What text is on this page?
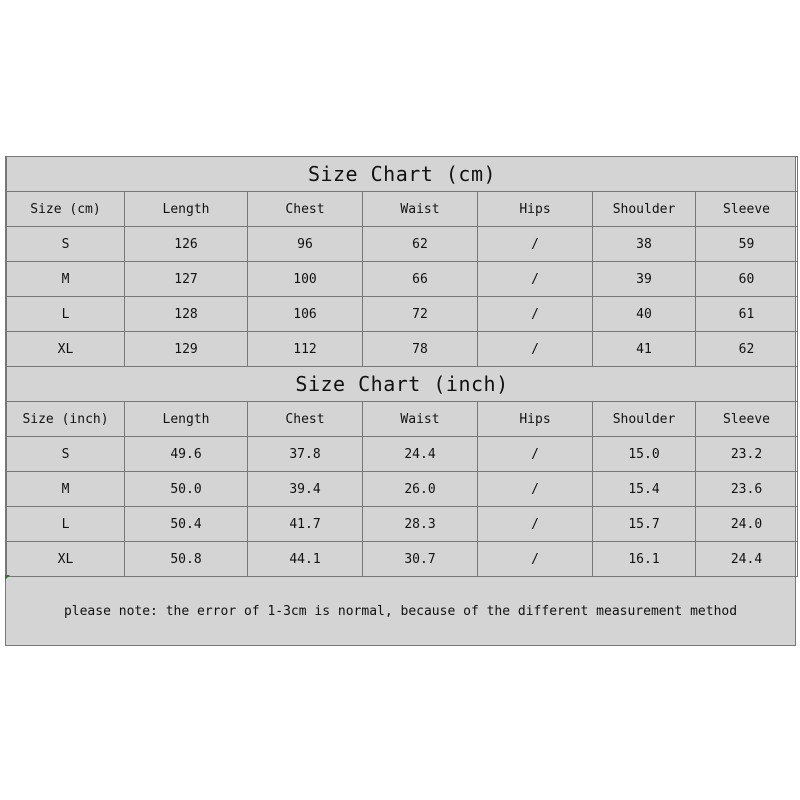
Size Chart (cm)						
Size (cm)	Length	Chest	Waist	Hips	Shoulder	Sleeve
S	126	96	62	/	38	59
M	127	100	66	/	39	60
L	128	106	72	/	40	61
XL	129	112	78	/	41	62
Size Chart (inch)						
Size (inch)	Length	Chest	Waist	Hips	Shoulder	Sleeve
S	49.6	37.8	24.4	/	15.0	23.2
M	50.0	39.4	26.0	/	15.4	23.6
L	50.4	41.7	28.3	/	15.7	24.0
XL	50.8	44.1	30.7	/	16.1	24.4
please note: the error of 1-3cm is normal, because of the different measurement method
